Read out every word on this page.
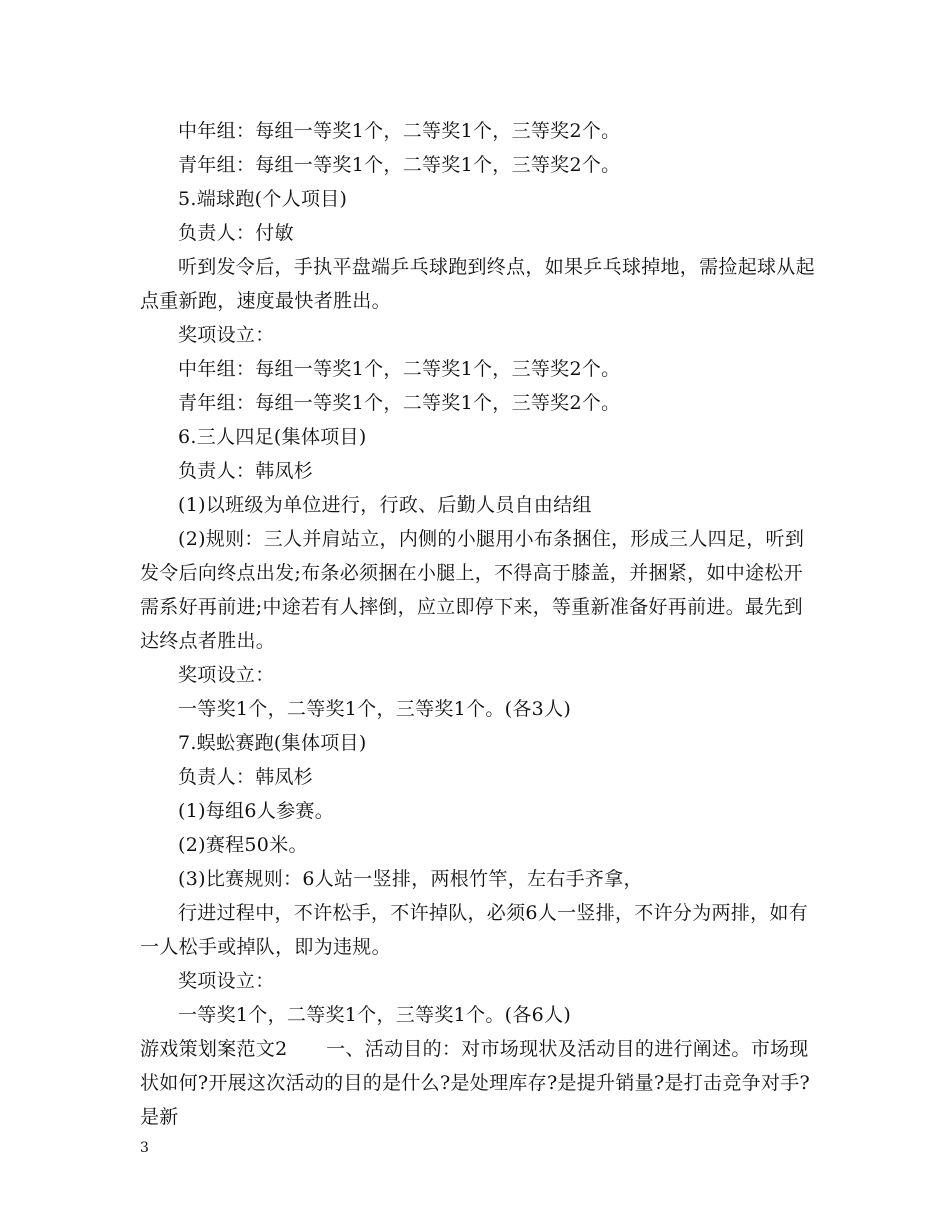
中年组：每组一等奖1个，二等奖1个，三等奖2个。

青年组：每组一等奖1个，二等奖1个，三等奖2个。

5.端球跑(个人项目)

负责人：付敏

听到发令后，手执平盘端乒乓球跑到终点，如果乒乓球掉地，需捡起球从起点重新跑，速度最快者胜出。

奖项设立：

中年组：每组一等奖1个，二等奖1个，三等奖2个。

青年组：每组一等奖1个，二等奖1个，三等奖2个。

6.三人四足(集体项目)

负责人：韩凤杉

(1)以班级为单位进行，行政、后勤人员自由结组

(2)规则：三人并肩站立，内侧的小腿用小布条捆住，形成三人四足，听到发令后向终点出发;布条必须捆在小腿上，不得高于膝盖，并捆紧，如中途松开需系好再前进;中途若有人摔倒，应立即停下来，等重新准备好再前进。最先到达终点者胜出。

奖项设立：

一等奖1个，二等奖1个，三等奖1个。(各3人)

7.蜈蚣赛跑(集体项目)

负责人：韩凤杉

(1)每组6人参赛。

(2)赛程50米。

(3)比赛规则：6人站一竖排，两根竹竿，左右手齐拿，

行进过程中，不许松手，不许掉队，必须6人一竖排，不许分为两排，如有一人松手或掉队，即为违规。

奖项设立：

一等奖1个，二等奖1个，三等奖1个。(各6人)

游戏策划案范文2　　一、活动目的：对市场现状及活动目的进行阐述。市场现状如何?开展这次活动的目的是什么?是处理库存?是提升销量?是打击竞争对手?是新

3
